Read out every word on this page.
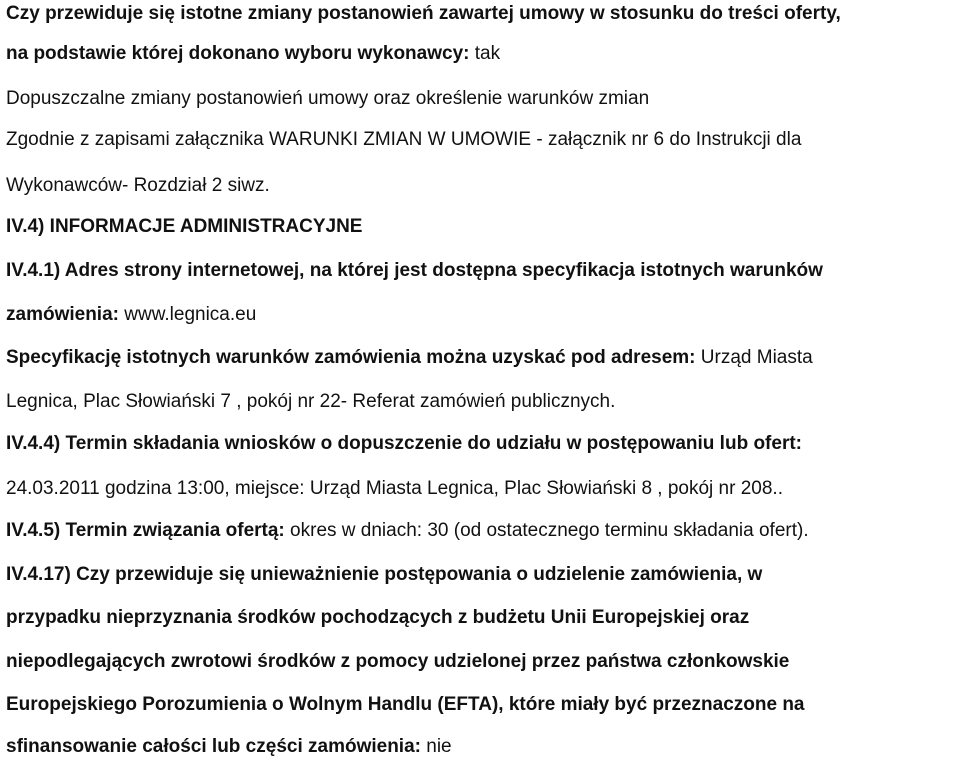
Czy przewiduje się istotne zmiany postanowień zawartej umowy w stosunku do treści oferty,
na podstawie której dokonano wyboru wykonawcy: tak
Dopuszczalne zmiany postanowień umowy oraz określenie warunków zmian
Zgodnie z zapisami załącznika WARUNKI ZMIAN W UMOWIE - załącznik nr 6 do Instrukcji dla
Wykonawców- Rozdział 2 siwz.
IV.4) INFORMACJE ADMINISTRACYJNE
IV.4.1) Adres strony internetowej, na której jest dostępna specyfikacja istotnych warunków
zamówienia: www.legnica.eu
Specyfikację istotnych warunków zamówienia można uzyskać pod adresem: Urząd Miasta
Legnica, Plac Słowiański 7 , pokój nr 22- Referat zamówień publicznych.
IV.4.4) Termin składania wniosków o dopuszczenie do udziału w postępowaniu lub ofert:
24.03.2011 godzina 13:00, miejsce: Urząd Miasta Legnica, Plac Słowiański 8 , pokój nr 208..
IV.4.5) Termin związania ofertą: okres w dniach: 30 (od ostatecznego terminu składania ofert).
IV.4.17) Czy przewiduje się unieważnienie postępowania o udzielenie zamówienia, w
przypadku nieprzyznania środków pochodzących z budżetu Unii Europejskiej oraz
niepodlegających zwrotowi środków z pomocy udzielonej przez państwa członkowskie
Europejskiego Porozumienia o Wolnym Handlu (EFTA), które miały być przeznaczone na
sfinansowanie całości lub części zamówienia: nie
